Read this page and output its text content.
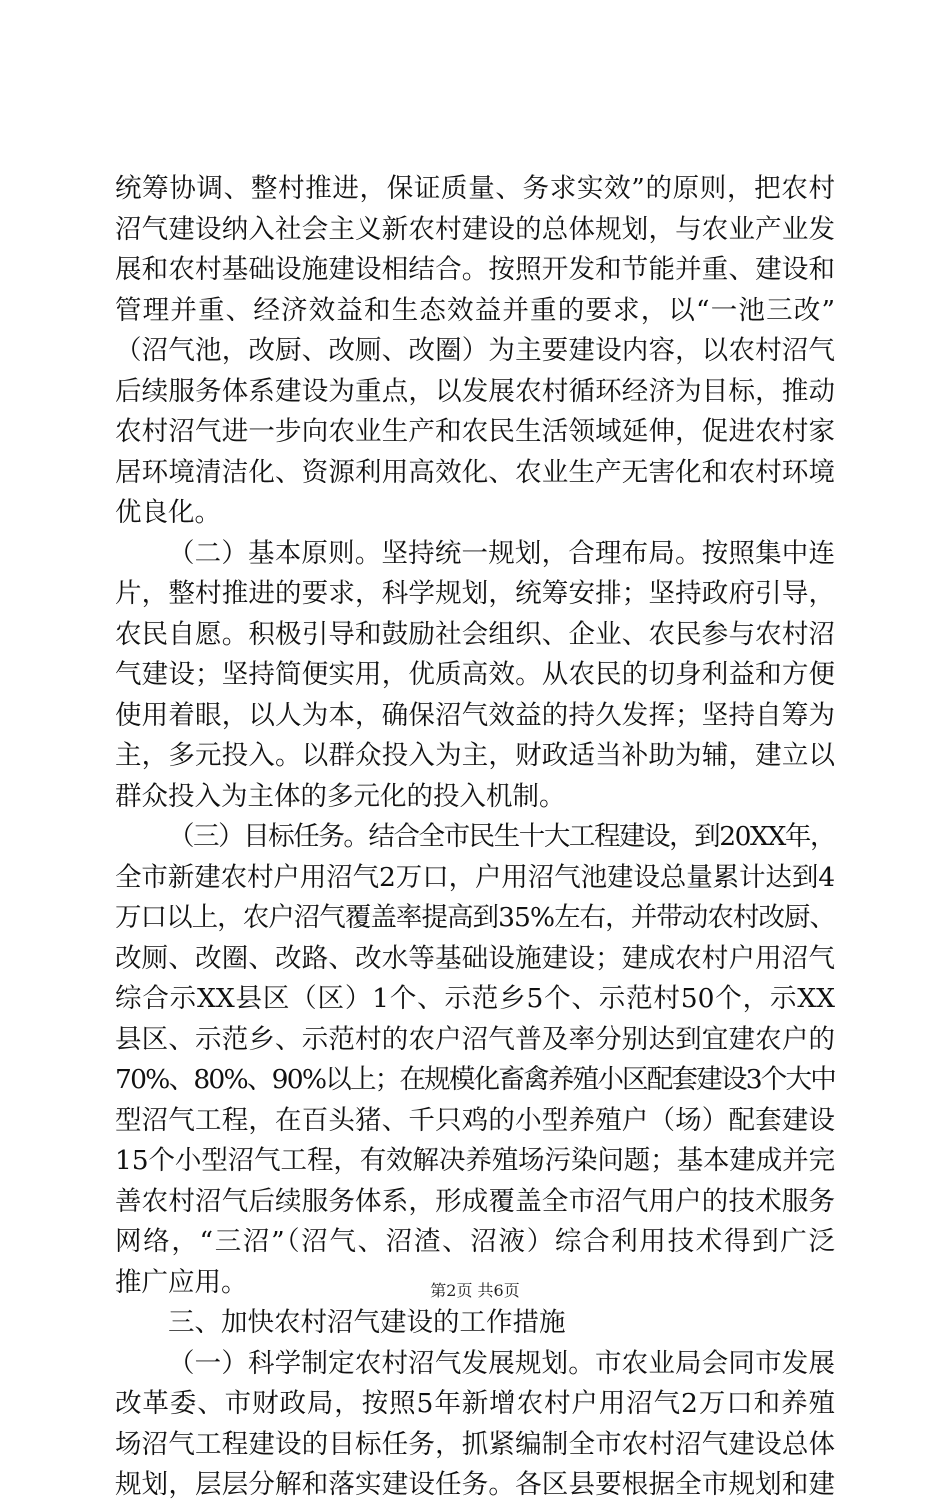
统筹协调、整村推进，保证质量、务求实效”的原则，把农村
沼气建设纳入社会主义新农村建设的总体规划，与农业产业发
展和农村基础设施建设相结合。按照开发和节能并重、建设和
管理并重、经济效益和生态效益并重的要求，以“一池三改”
（沼气池，改厨、改厕、改圈）为主要建设内容，以农村沼气
后续服务体系建设为重点，以发展农村循环经济为目标，推动
农村沼气进一步向农业生产和农民生活领域延伸，促进农村家
居环境清洁化、资源利用高效化、农业生产无害化和农村环境
优良化。
（二）基本原则。坚持统一规划，合理布局。按照集中连
片，整村推进的要求，科学规划，统筹安排；坚持政府引导，
农民自愿。积极引导和鼓励社会组织、企业、农民参与农村沼
气建设；坚持简便实用，优质高效。从农民的切身利益和方便
使用着眼，以人为本，确保沼气效益的持久发挥；坚持自筹为
主，多元投入。以群众投入为主，财政适当补助为辅，建立以
群众投入为主体的多元化的投入机制。
（三）目标任务。结合全市民生十大工程建设，到20XX年，
全市新建农村户用沼气2万口，户用沼气池建设总量累计达到4
万口以上，农户沼气覆盖率提高到35%左右，并带动农村改厨、
改厕、改圈、改路、改水等基础设施建设；建成农村户用沼气
综合示XX县区（区）1个、示范乡5个、示范村50个，示XX
县区、示范乡、示范村的农户沼气普及率分别达到宜建农户的
70%、80%、90%以上；在规模化畜禽养殖小区配套建设3个大中
型沼气工程，在百头猪、千只鸡的小型养殖户（场）配套建设
15个小型沼气工程，有效解决养殖场污染问题；基本建成并完
善农村沼气后续服务体系，形成覆盖全市沼气用户的技术服务
网络，“三沼”（沼气、沼渣、沼液）综合利用技术得到广泛
推广应用。
三、加快农村沼气建设的工作措施
（一）科学制定农村沼气发展规划。市农业局会同市发展
改革委、市财政局，按照5年新增农村户用沼气2万口和养殖
场沼气工程建设的目标任务，抓紧编制全市农村沼气建设总体
规划，层层分解和落实建设任务。各区县要根据全市规划和建
第2页 共6页
